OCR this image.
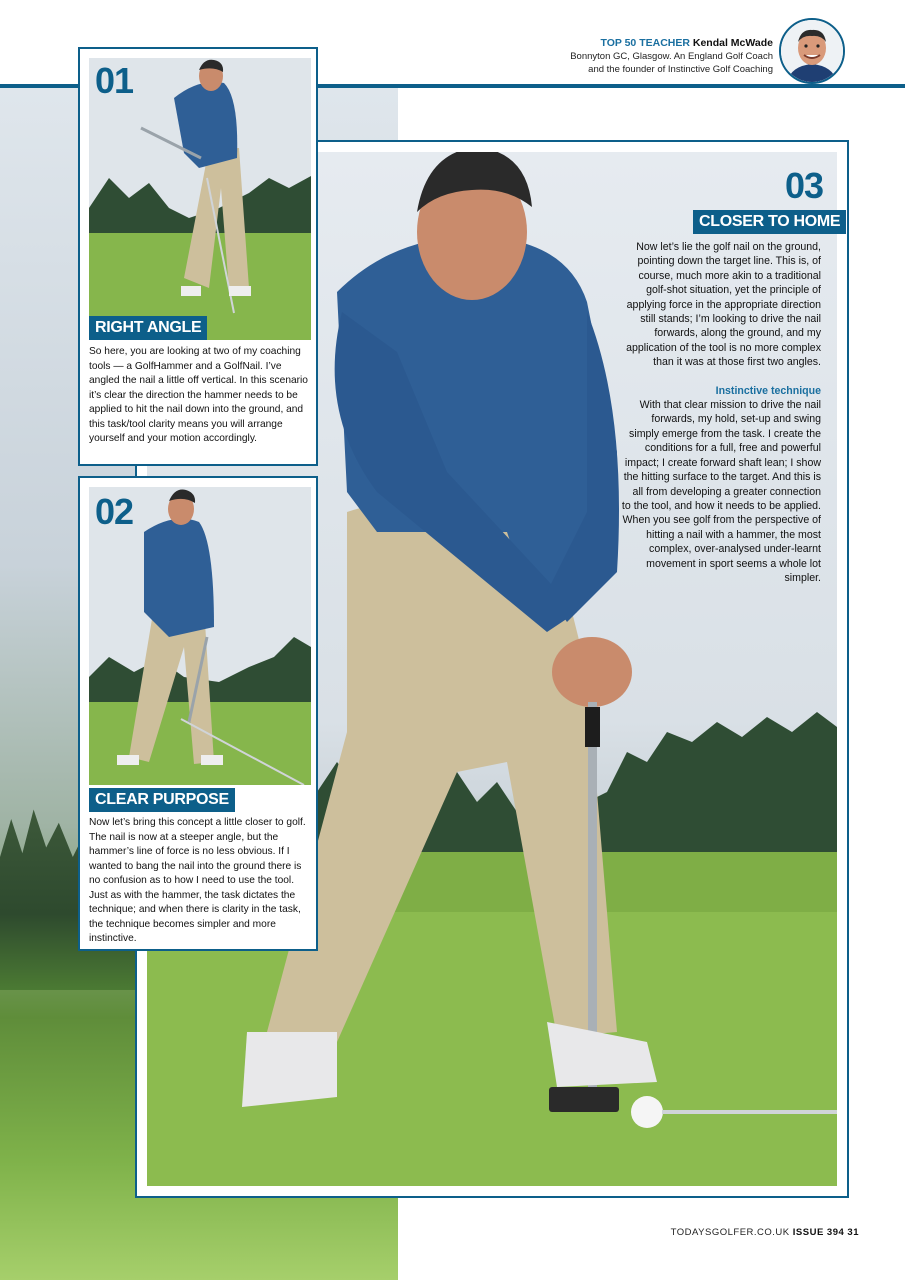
TOP 50 TEACHER Kendal McWade
Bonnyton GC, Glasgow. An England Golf Coach
and the founder of Instinctive Golf Coaching
03
CLOSER TO HOME
Now let’s lie the golf nail on the ground, pointing down the target line. This is, of course, much more akin to a traditional golf-shot situation, yet the principle of applying force in the appropriate direction still stands; I’m looking to drive the nail forwards, along the ground, and my application of the tool is no more complex than it was at those first two angles.
Instinctive technique
With that clear mission to drive the nail forwards, my hold, set-up and swing simply emerge from the task. I create the conditions for a full, free and powerful impact; I create forward shaft lean; I show the hitting surface to the target. And this is all from developing a greater connection to the tool, and how it needs to be applied. When you see golf from the perspective of hitting a nail with a hammer, the most complex, over-analysed under-learnt movement in sport seems a whole lot simpler.
01
RIGHT ANGLE
So here, you are looking at two of my coaching tools — a GolfHammer and a GolfNail. I’ve angled the nail a little off vertical. In this scenario it’s clear the direction the hammer needs to be applied to hit the nail down into the ground, and this task/tool clarity means you will arrange yourself and your motion accordingly.
02
CLEAR PURPOSE
Now let’s bring this concept a little closer to golf. The nail is now at a steeper angle, but the hammer’s line of force is no less obvious. If I wanted to bang the nail into the ground there is no confusion as to how I need to use the tool. Just as with the hammer, the task dictates the technique; and when there is clarity in the task, the technique becomes simpler and more instinctive.
TODAYSGOLFER.CO.UK ISSUE 394 31
